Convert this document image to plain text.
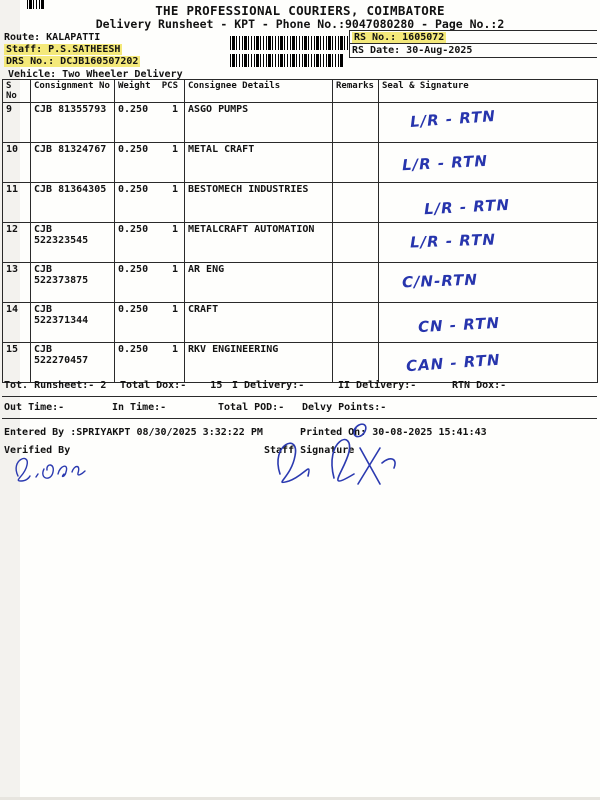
THE PROFESSIONAL COURIERS, COIMBATORE
Delivery Runsheet - KPT - Phone No.:9047080280 - Page No.:2
Route: KALAPATTI
Staff: P.S.SATHEESH
DRS No.: DCJB160507202
Vehicle: Two Wheeler Delivery
RS No.: 1605072
RS Date: 30-Aug-2025
S No	Consignment No	Weight	PCS	Consignee Details	Remarks	Seal & Signature
9	CJB 81355793	0.250	1	ASGO PUMPS		L/R - RTN
10	CJB 81324767	0.250	1	METAL CRAFT		L/R - RTN
11	CJB 81364305	0.250	1	BESTOMECH INDUSTRIES		L/R - RTN
12	CJB 522323545	0.250	1	METALCRAFT AUTOMATION		L/R - RTN
13	CJB 522373875	0.250	1	AR ENG		C/N-RTN
14	CJB 522371344	0.250	1	CRAFT		CN - RTN
15	CJB 522270457	0.250	1	RKV ENGINEERING		CAN - RTN
Tot. Runsheet:- 2 Total Dox:-    15 I Delivery:-	II Delivery:-	RTN Dox:-
Out Time:-	In Time:-	Total POD:- Delvy Points:-
Entered By :SPRIYAKPT 08/30/2025 3:32:22 PM	Printed On: 30-08-2025 15:41:43
Verified By	Staff Signature
